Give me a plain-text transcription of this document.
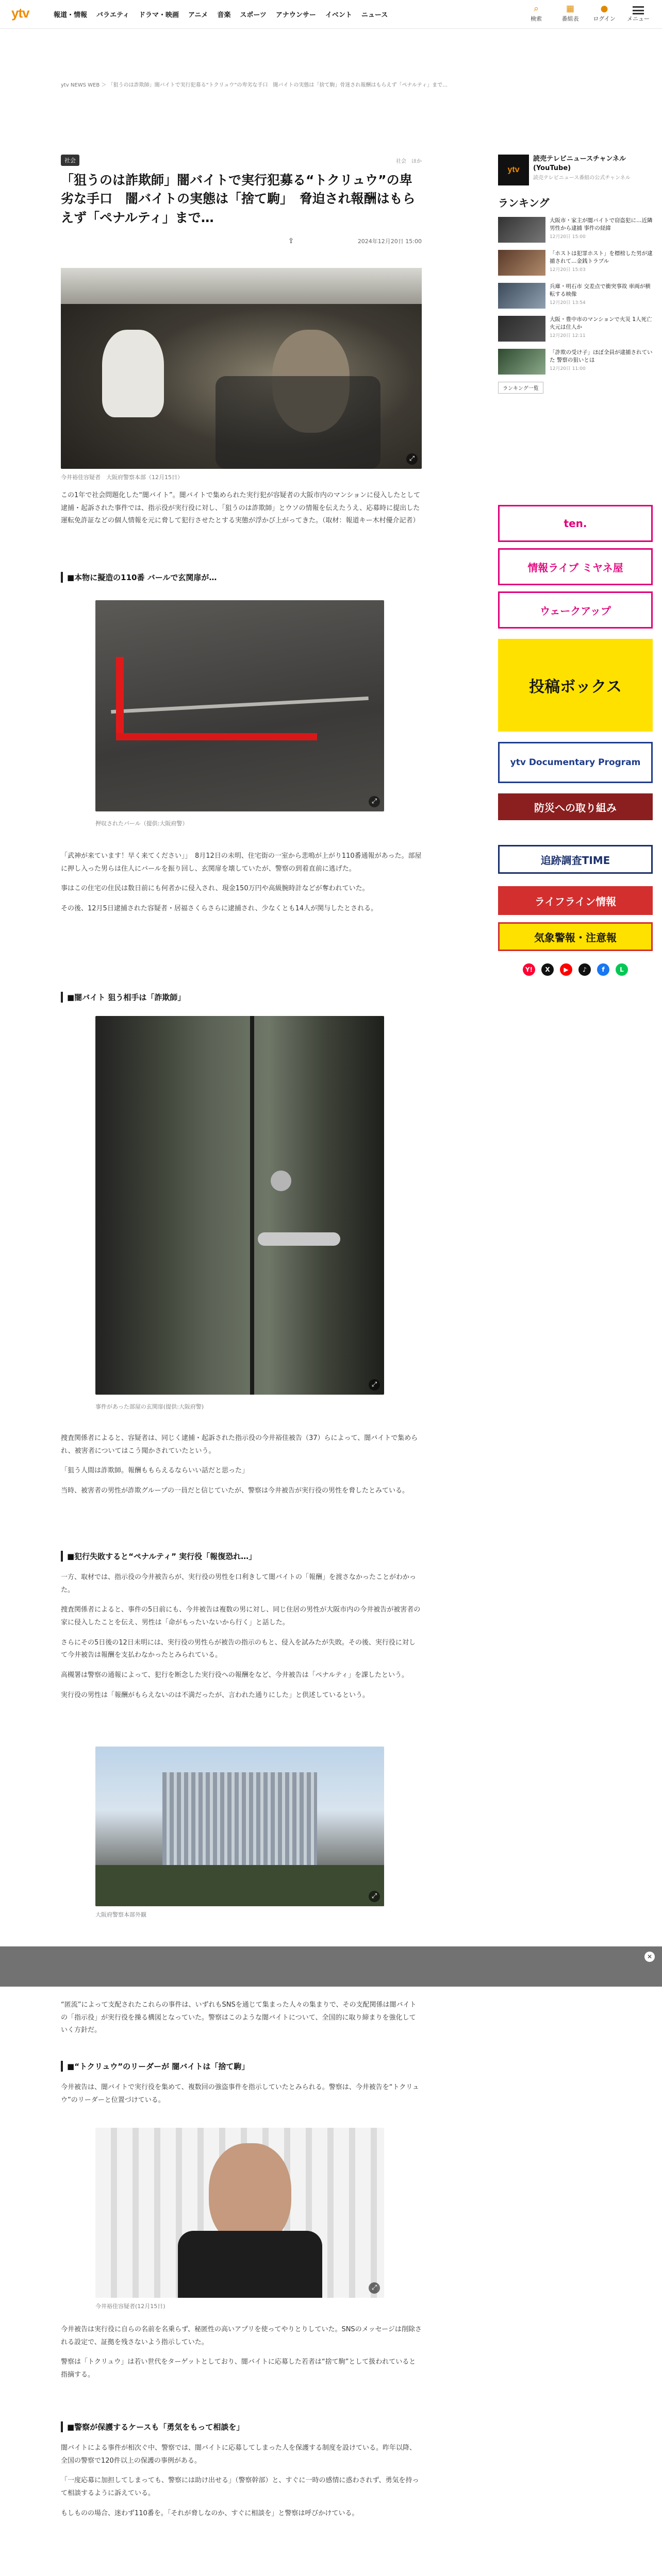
ytv	報道・情報 バラエティ ドラマ・映画 アニメ 音楽 スポーツ アナウンサー イベント ニュース
⌕
検索
▦
番組表
●
ログイン メニュー
ytv NEWS WEB ＞ 「狙うのは詐欺師」闇バイトで実行犯募る“トクリュウ”の卑劣な手口　闇バイトの実態は「捨て駒」骨迷され報酬はもらえず「ペナルティ」まで…
社会	社会　ほか
「狙うのは詐欺師」闇バイトで実行犯募る“トクリュウ”の卑劣な手口　闇バイトの実態は「捨て駒」　脅迫され報酬はもらえず「ペナルティ」まで…
⇪	2024年12月20日 15:00
⤢
今井裕佳容疑者　大阪府警察本部（12月15日）

この1年で社会問題化した“闇バイト”。闇バイトで集められた実行犯が容疑者の大阪市内のマンションに侵入したとして逮捕・起訴された事件では、指示役が実行役に対し、「狙うのは詐欺師」とウソの情報を伝えたうえ、応募時に提出した運転免許証などの個人情報を元に脅して犯行させたとする実態が浮かび上がってきた。（取材：報道キー木村優介記者）

■本物に擬造の110番 バールで玄関扉が…
⤢
押収されたバール（提供:大阪府警）

「武神が来ています！早く来てください」」　8月12日の未明、住宅街の一室から悲鳴が上がり110番通報があった。部屋に押し入った男らは住人にバールを振り回し、玄関扉を壊していたが、警察の到着直前に逃げた。

事はこの住宅の住民は数日前にも何者かに侵入され、現金150万円や高級腕時計などが奪われていた。

その後、12月5日逮捕された容疑者・居福さくらさらに逮捕され、少なくとも14人が関与したとされる。

■闇バイト 狙う相手は「詐欺師」
⤢
事件があった部屋の玄関扉(提供:大阪府警)

捜査関係者によると、容疑者は、同じく逮捕・起訴された指示役の今井裕佳被告（37）らによって、闇バイトで集められ、被害者についてはこう聞かされていたという。

「狙う人間は詐欺師。報酬ももらえるならいい話だと思った」

当時、被害者の男性が詐欺グループの一員だと信じていたが、警察は今井被告が実行役の男性を脅したとみている。

■犯行失敗すると“ペナルティ” 実行役「報復恐れ…」

一方、取材では、指示役の今井被告らが、実行役の男性を口利きして闇バイトの「報酬」を渡さなかったことがわかった。

捜査関係者によると、事件の5日前にも、今井被告は複数の男に対し、同じ住居の男性が大阪市内の今井被告が被害者の家に侵入したことを伝え、男性は「命がもったいないから行く」と話した。

さらにその5日後の12日未明には、実行役の男性らが被告の指示のもと、侵入を試みたが失敗。その後、実行役に対して今井被告は報酬を支払わなかったとみられている。

高槻署は警察の通報によって、犯行を断念した実行役への報酬をなど、今井被告は「ペナルティ」を課したという。

実行役の男性は「報酬がもらえないのは不満だったが、言われた通りにした」と供述しているという。

⤢
大阪府警察本部外観
✕

“匿流”によって支配されたこれらの事件は、いずれもSNSを通じて集まった人々の集まりで、その支配関係は闇バイトの「指示役」が実行役を操る構図となっていた。警察はこのような闇バイトについて、全国的に取り締まりを強化していく方針だ。

■“トクリュウ”のリーダーが 闇バイトは「捨て駒」

今井被告は、闇バイトで実行役を集めて、複数回の強盗事件を指示していたとみられる。警察は、今井被告を“トクリュウ”のリーダーと位置づけている。

⤢
今井裕佳容疑者(12月15日)

今井被告は実行役に自らの名前を名乗らず、秘匿性の高いアプリを使ってやりとりしていた。SNSのメッセージは削除される設定で、証拠を残さないよう指示していた。

警察は「トクリュウ」は若い世代をターゲットとしており、闇バイトに応募した若者は“捨て駒”として扱われていると指摘する。

■警察が保護するケースも「勇気をもって相談を」

闇バイトによる事件が相次ぐ中、警察では、闇バイトに応募してしまった人を保護する制度を設けている。昨年以降、全国の警察で120件以上の保護の事例がある。

「一度応募に加担してしまっても、警察には助け出せる」（警察幹部）と、すぐに一時の感情に惑わされず、勇気を持って相談するように訴えている。

もしものの場合、迷わず110番を。「それが脅しなのか、すぐに相談を」と警察は呼びかけている。

ytv
読売テレビニュースチャンネル(YouTube)
読売テレビニュース番組の公式チャンネル
ランキング
大阪市・家主が闇バイトで窃盗犯に…近隣男性から逮捕 事件の経緯
12月20日 15:00
「ホストは犯罪ホスト」を標榜した男が逮捕されて…金銭トラブル
12月20日 15:03
兵庫・明石市 交差点で衝突事故 車両が横転する映像
12月20日 13:54
大阪・豊中市のマンションで火災 1人死亡 火元は住人か
12月20日 12:11
「詐欺の受け子」ほぼ全員が逮捕されていた 警察の狙いとは
12月20日 11:00
ランキング一覧
ten.
情報ライブ ミヤネ屋
ウェークアップ
投稿ボックス
ytv Documentary Program
防災への取り組み
追跡調査TIME
ライフライン情報
気象警報・注意報
Y!	X	▶	♪	f	L
